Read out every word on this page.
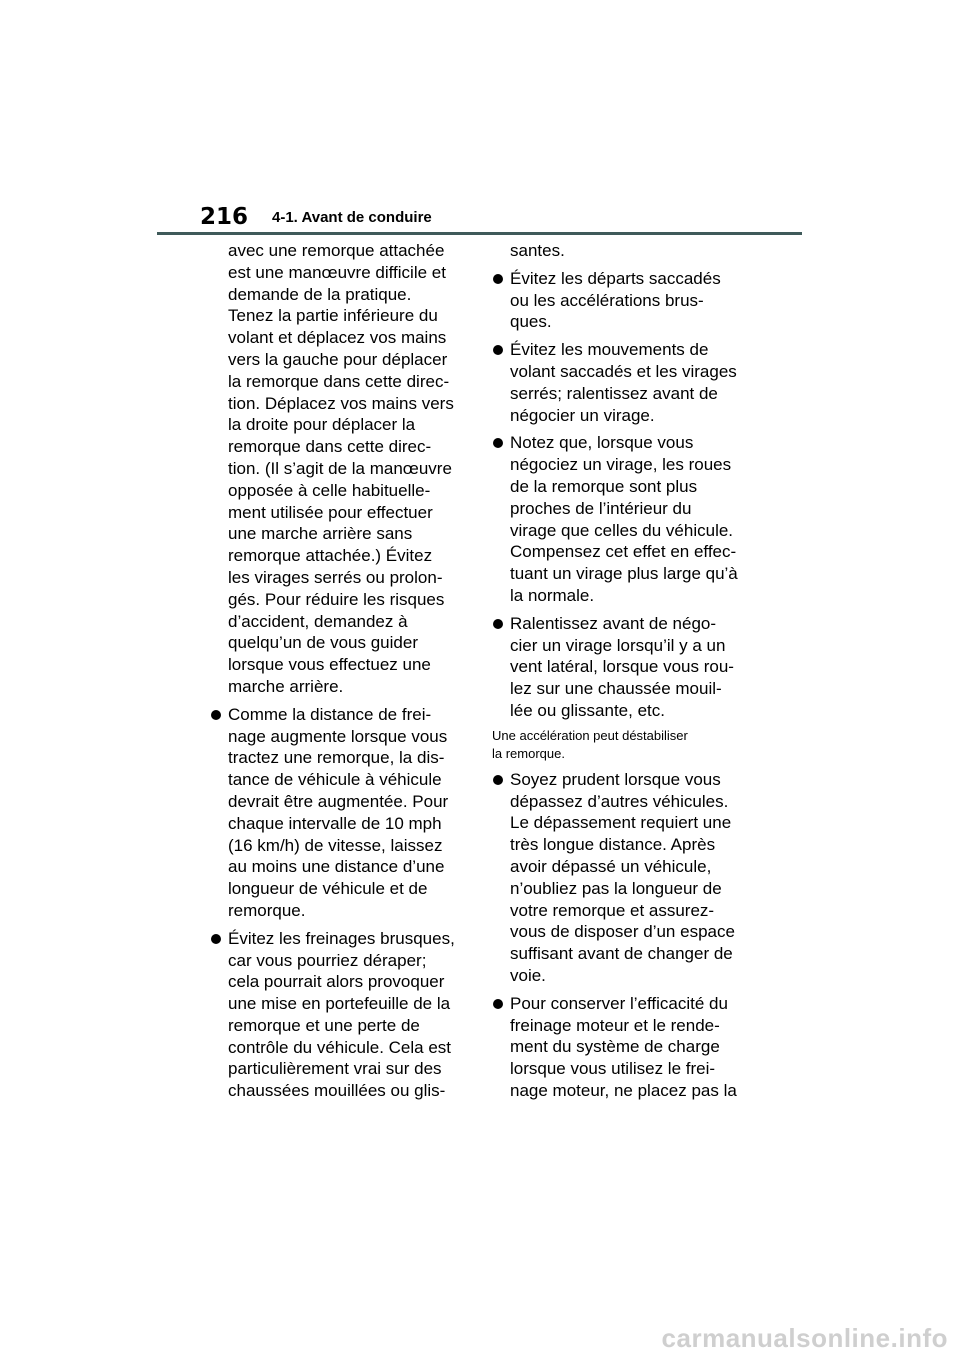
216 4-1. Avant de conduire
avec une remorque attachée
est une manœuvre difficile et
demande de la pratique.
Tenez la partie inférieure du
volant et déplacez vos mains
vers la gauche pour déplacer
la remorque dans cette direc-
tion. Déplacez vos mains vers
la droite pour déplacer la
remorque dans cette direc-
tion. (Il s’agit de la manœuvre
opposée à celle habituelle-
ment utilisée pour effectuer
une marche arrière sans
remorque attachée.) Évitez
les virages serrés ou prolon-
gés. Pour réduire les risques
d’accident, demandez à
quelqu’un de vous guider
lorsque vous effectuez une
marche arrière.
Comme la distance de frei-
nage augmente lorsque vous
tractez une remorque, la dis-
tance de véhicule à véhicule
devrait être augmentée. Pour
chaque intervalle de 10 mph
(16 km/h) de vitesse, laissez
au moins une distance d’une
longueur de véhicule et de
remorque.
Évitez les freinages brusques,
car vous pourriez déraper;
cela pourrait alors provoquer
une mise en portefeuille de la
remorque et une perte de
contrôle du véhicule. Cela est
particulièrement vrai sur des
chaussées mouillées ou glis-
santes.
Évitez les départs saccadés
ou les accélérations brus-
ques.
Évitez les mouvements de
volant saccadés et les virages
serrés; ralentissez avant de
négocier un virage.
Notez que, lorsque vous
négociez un virage, les roues
de la remorque sont plus
proches de l’intérieur du
virage que celles du véhicule.
Compensez cet effet en effec-
tuant un virage plus large qu’à
la normale.
Ralentissez avant de négo-
cier un virage lorsqu’il y a un
vent latéral, lorsque vous rou-
lez sur une chaussée mouil-
lée ou glissante, etc.
Une accélération peut déstabiliser
la remorque.
Soyez prudent lorsque vous
dépassez d’autres véhicules.
Le dépassement requiert une
très longue distance. Après
avoir dépassé un véhicule,
n’oubliez pas la longueur de
votre remorque et assurez-
vous de disposer d’un espace
suffisant avant de changer de
voie.
Pour conserver l’efficacité du
freinage moteur et le rende-
ment du système de charge
lorsque vous utilisez le frei-
nage moteur, ne placez pas la
carmanualsonline.info
